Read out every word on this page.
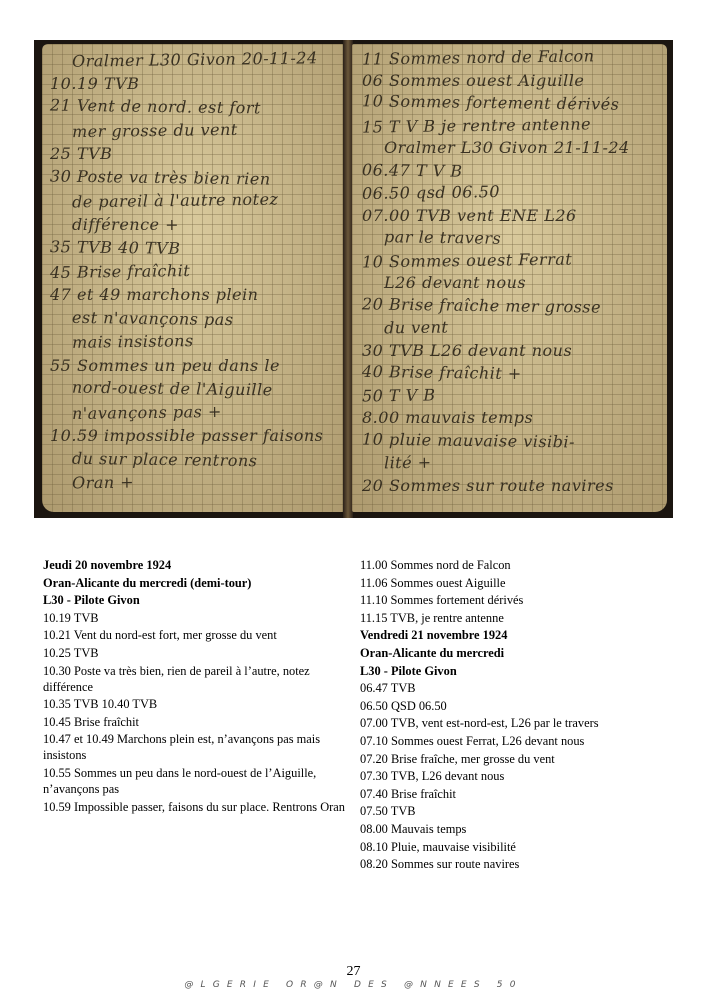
Oralmer L30 Givon 20-11-24
10.19 TVB
21 Vent de nord. est fort
mer grosse du vent
25 TVB
30 Poste va très bien rien
de pareil à l'autre notez
différence +
35 TVB 40 TVB
45 Brise fraîchit
47 et 49 marchons plein
est n'avançons pas
mais insistons
55 Sommes un peu dans le
nord-ouest de l'Aiguille
n'avançons pas +
10.59 impossible passer faisons
du sur place rentrons
Oran +
11 Sommes nord de Falcon
06 Sommes ouest Aiguille
10 Sommes fortement dérivés
15 T V B je rentre antenne
Oralmer L30 Givon 21-11-24
06.47 T V B
06.50 qsd 06.50
07.00 TVB vent ENE L26
par le travers
10 Sommes ouest Ferrat
L26 devant nous
20 Brise fraîche mer grosse
du vent
30 TVB L26 devant nous
40 Brise fraîchit +
50 T V B
8.00 mauvais temps
10 pluie mauvaise visibi-
lité +
20 Sommes sur route navires

Jeudi 20 novembre 1924

Oran-Alicante du mercredi (demi-tour)

L30 - Pilote Givon

10.19 TVB

10.21 Vent du nord-est fort, mer grosse du vent

10.25 TVB

10.30 Poste va très bien, rien de pareil à l’autre, notez différence

10.35 TVB 10.40 TVB

10.45 Brise fraîchit

10.47 et 10.49 Marchons plein est, n’avançons pas mais insistons

10.55 Sommes un peu dans le nord-ouest de l’Aiguille, n’avançons pas

10.59 Impossible passer, faisons du sur place. Rentrons Oran

11.00 Sommes nord de Falcon

11.06 Sommes ouest Aiguille

11.10 Sommes fortement dérivés

11.15 TVB, je rentre antenne

Vendredi 21 novembre 1924

Oran-Alicante du mercredi

L30 - Pilote Givon

06.47 TVB

06.50 QSD 06.50

07.00 TVB, vent est-nord-est, L26 par le travers

07.10 Sommes ouest Ferrat, L26 devant nous

07.20 Brise fraîche, mer grosse du vent

07.30 TVB, L26 devant nous

07.40 Brise fraîchit

07.50 TVB

08.00 Mauvais temps

08.10 Pluie, mauvaise visibilité

08.20 Sommes sur route navires

27
@LGERIE OR@N DES @NNEES 50
